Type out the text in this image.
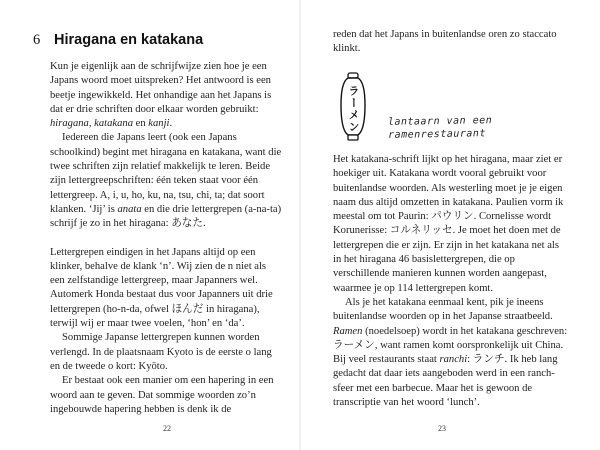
6 Hiragana en katakana

Kun je eigenlijk aan de schrijfwijze zien hoe je een Japans woord moet uitspreken? Het antwoord is een beetje ingewikkeld. Het onhandige aan het Japans is dat er drie schriften door elkaar worden gebruikt: hiragana, katakana en kanji.

Iedereen die Japans leert (ook een Japans schoolkind) begint met hiragana en katakana, want die twee schriften zijn relatief makkelijk te leren. Beide zijn lettergreepschriften: één teken staat voor één lettergreep. A, i, u, ho, ku, na, tsu, chi, ta; dat soort klanken. ‘Jij’ is anata en die drie lettergrepen (a-na-ta) schrijf je zo in het hiragana: あなた.

Lettergrepen eindigen in het Japans altijd op een klinker, behalve de klank ‘n’. Wij zien de n niet als een zelfstandige lettergreep, maar Japanners wel. Automerk Honda bestaat dus voor Japanners uit drie lettergrepen (ho-n-da, ofwel ほんだ in hiragana), terwijl wij er maar twee voelen, ‘hon’ en ‘da’.

Sommige Japanse lettergrepen kunnen worden verlengd. In de plaatsnaam Kyoto is de eerste o lang en de tweede o kort: Kyōto.

Er bestaat ook een manier om een hapering in een woord aan te geven. Dat sommige woorden zo’n ingebouwde hapering hebben is denk ik de

22

reden dat het Japans in buitenlandse oren zo staccato klinkt.

ラーメン	lantaarn van een
ramenrestaurant

Het katakana-schrift lijkt op het hiragana, maar ziet er hoekiger uit. Katakana wordt vooral gebruikt voor buitenlandse woorden. Als westerling moet je je eigen naam dus altijd omzetten in katakana. Paulien vorm ik meestal om tot Paurin: パウリン. Cornelisse wordt Korunerisse: コルネリッセ. Je moet het doen met de lettergrepen die er zijn. Er zijn in het katakana net als in het hiragana 46 basislettergrepen, die op verschillende manieren kunnen worden aangepast, waarmee je op 114 lettergrepen komt.

Als je het katakana eenmaal kent, pik je ineens buitenlandse woorden op in het Japanse straatbeeld. Ramen (noedelsoep) wordt in het katakana geschreven: ラーメン, want ramen komt oorspronkelijk uit China. Bij veel restaurants staat ranchi: ランチ. Ik heb lang gedacht dat daar iets aangeboden werd in een ranch-sfeer met een barbecue. Maar het is gewoon de transcriptie van het woord ‘lunch’.

23
